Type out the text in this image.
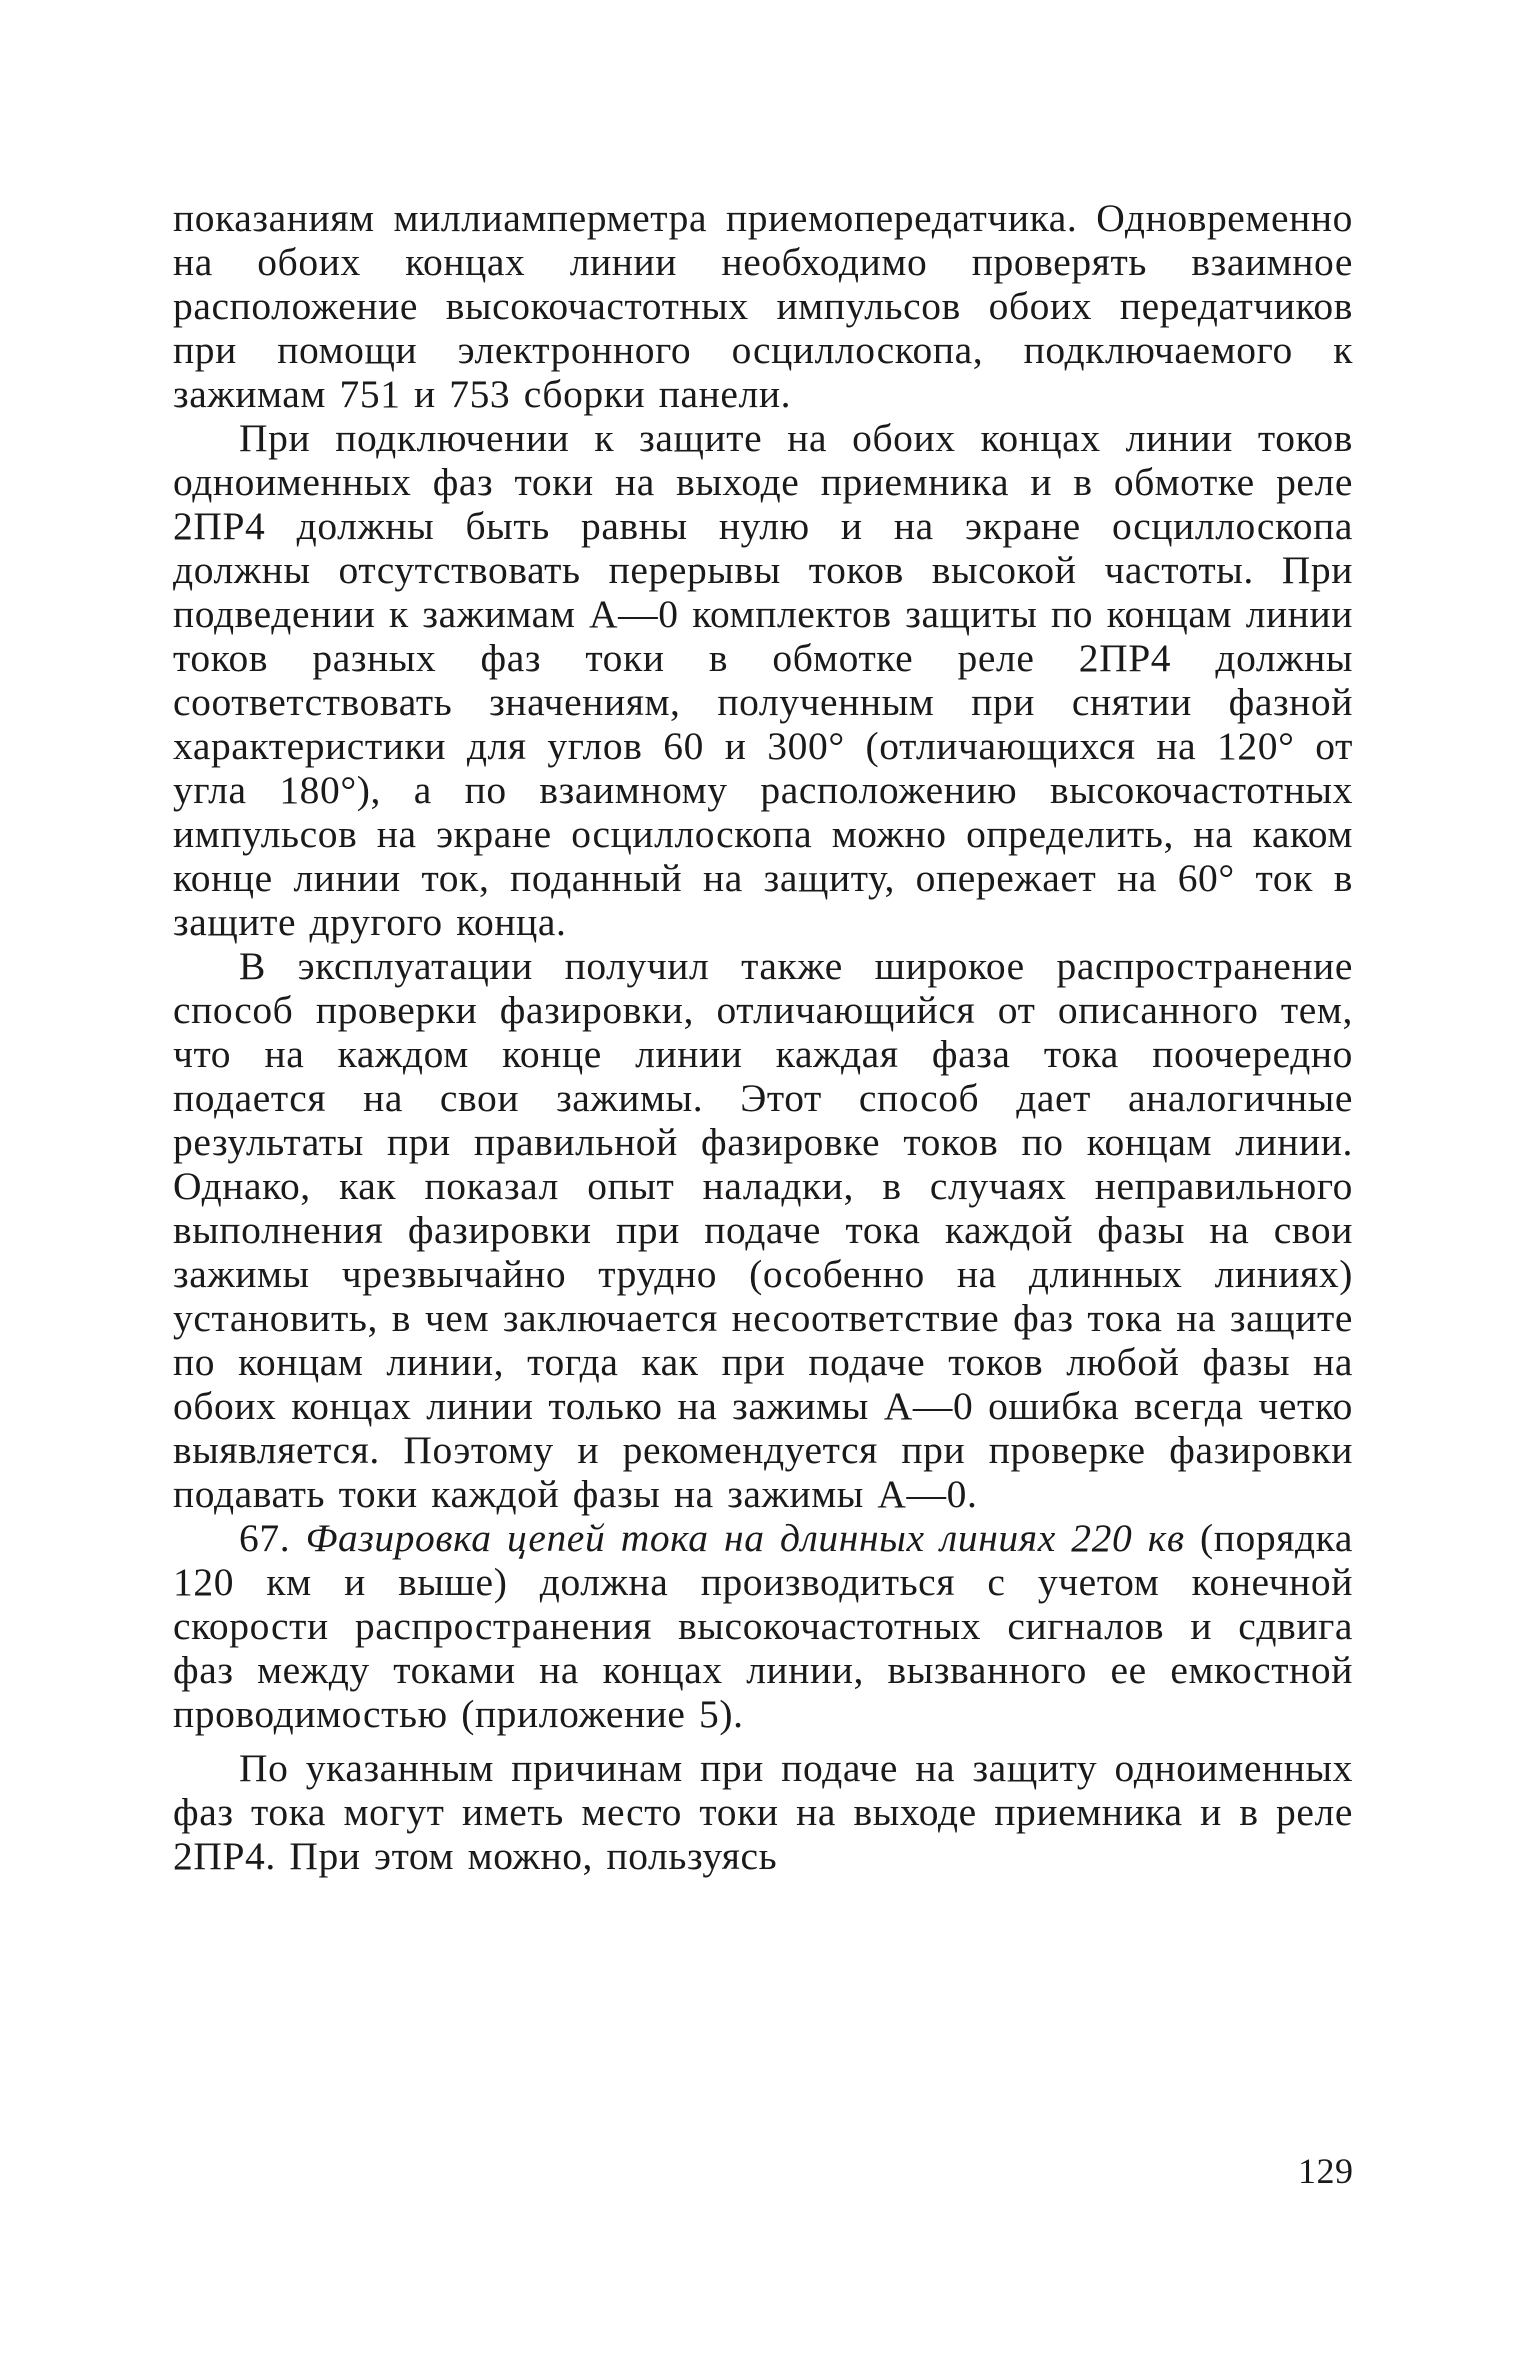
показаниям миллиамперметра приемопередатчика. Одновременно на обоих концах линии необходимо проверять взаимное расположение высокочастотных импульсов обоих передатчиков при помощи электронного осциллоскопа, подключаемого к зажимам 751 и 753 сборки панели.

При подключении к защите на обоих концах линии токов одноименных фаз токи на выходе приемника и в обмотке реле 2ПР4 должны быть равны нулю и на экране осциллоскопа должны отсутствовать перерывы токов высокой частоты. При подведении к зажимам А—0 комплектов защиты по концам линии токов разных фаз токи в обмотке реле 2ПР4 должны соответствовать значениям, полученным при снятии фазной характеристики для углов 60 и 300° (отличающихся на 120° от угла 180°), а по взаимному расположению высокочастотных импульсов на экране осциллоскопа можно определить, на каком конце линии ток, поданный на защиту, опережает на 60° ток в защите другого конца.

В эксплуатации получил также широкое распространение способ проверки фазировки, отличающийся от описанного тем, что на каждом конце линии каждая фаза тока поочередно подается на свои зажимы. Этот способ дает аналогичные результаты при правильной фазировке токов по концам линии. Однако, как показал опыт наладки, в случаях неправильного выполнения фазировки при подаче тока каждой фазы на свои зажимы чрезвычайно трудно (особенно на длинных линиях) установить, в чем заключается несоответствие фаз тока на защите по концам линии, тогда как при подаче токов любой фазы на обоих концах линии только на зажимы А—0 ошибка всегда четко выявляется. Поэтому и рекомендуется при проверке фазировки подавать токи каждой фазы на зажимы А—0.

67. Фазировка цепей тока на длинных линиях 220 кв (порядка 120 км и выше) должна производиться с учетом конечной скорости распространения высокочастотных сигналов и сдвига фаз между токами на концах линии, вызванного ее емкостной проводимостью (приложение 5).

По указанным причинам при подаче на защиту одноименных фаз тока могут иметь место токи на выходе приемника и в реле 2ПР4. При этом можно, пользуясь

129
